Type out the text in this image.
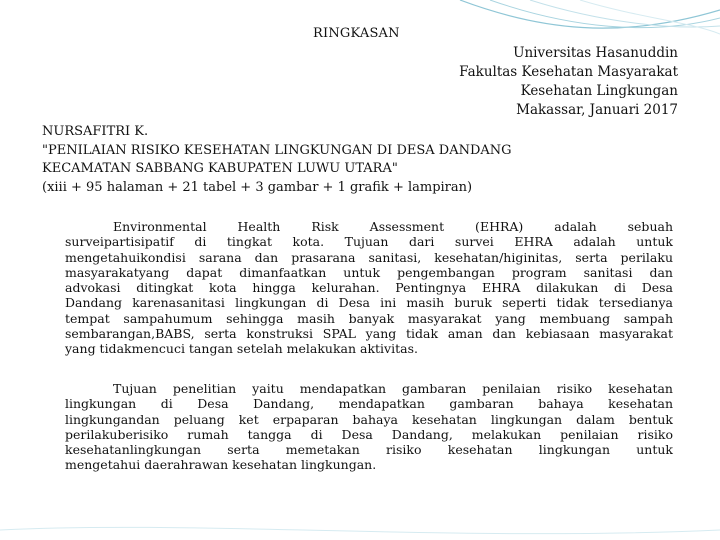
RINGKASAN
Universitas Hasanuddin
Fakultas Kesehatan Masyarakat
Kesehatan Lingkungan
Makassar, Januari 2017
NURSAFITRI K.
"PENILAIAN RISIKO KESEHATAN LINGKUNGAN DI DESA DANDANG
KECAMATAN SABBANG KABUPATEN LUWU UTARA"
(xiii + 95 halaman + 21 tabel + 3 gambar + 1 grafik + lampiran)
Environmental Health Risk Assessment (EHRA) adalah sebuah
surveipartisipatif di tingkat kota. Tujuan dari survei EHRA adalah untuk
mengetahuikondisi sarana dan prasarana sanitasi, kesehatan/higinitas, serta perilaku
masyarakatyang dapat dimanfaatkan untuk pengembangan program sanitasi dan
advokasi ditingkat kota hingga kelurahan. Pentingnya EHRA dilakukan di Desa
Dandang karenasanitasi lingkungan di Desa ini masih buruk seperti tidak tersedianya
tempat sampahumum sehingga masih banyak masyarakat yang membuang sampah
sembarangan,BABS, serta konstruksi SPAL yang tidak aman dan kebiasaan masyarakat
yang tidakmencuci tangan setelah melakukan aktivitas.
Tujuan penelitian yaitu mendapatkan gambaran penilaian risiko kesehatan
lingkungan di Desa Dandang, mendapatkan gambaran bahaya kesehatan
lingkungandan peluang ket erpaparan bahaya kesehatan lingkungan dalam bentuk
perilakuberisiko rumah tangga di Desa Dandang, melakukan penilaian risiko
kesehatanlingkungan serta memetakan risiko kesehatan lingkungan untuk
mengetahui daerahrawan kesehatan lingkungan.
